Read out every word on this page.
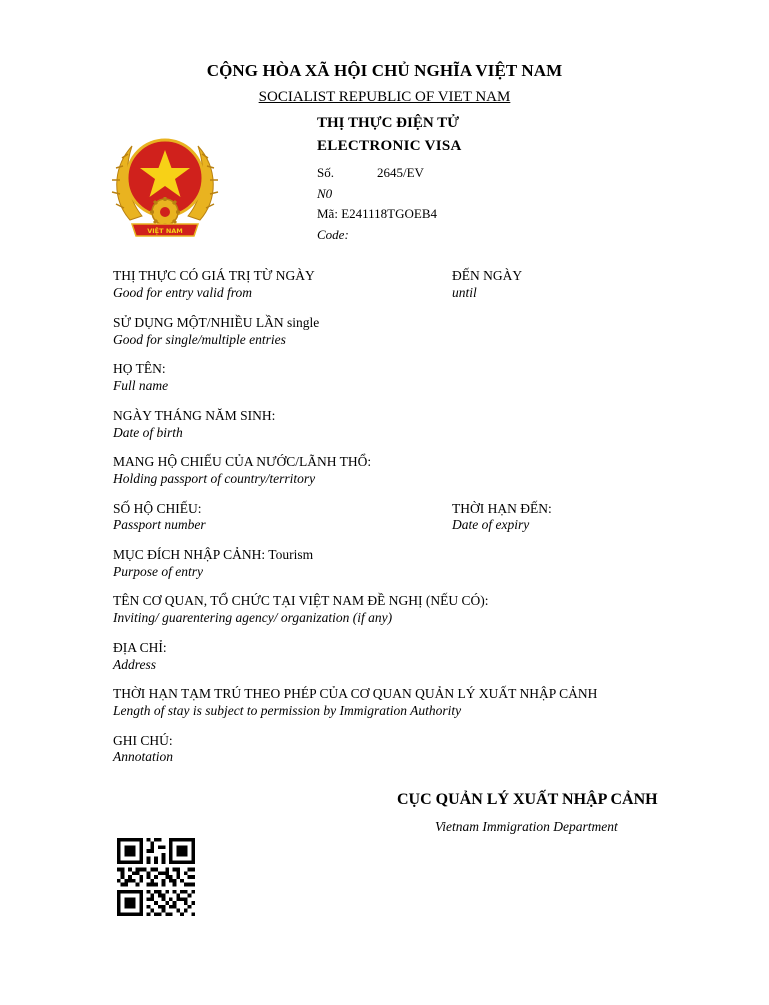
CỘNG HÒA XÃ HỘI CHỦ NGHĨA VIỆT NAM
SOCIALIST REPUBLIC OF VIET NAM
VIỆT NAM
THỊ THỰC ĐIỆN TỬ
ELECTRONIC VISA
Số.	2645/EV
N0
Mã: E241118TGOEB4
Code:
THỊ THỰC CÓ GIÁ TRỊ TỪ NGÀY
Good for entry valid from
ĐẾN NGÀY
until
SỬ DỤNG MỘT/NHIỀU LẦN single
Good for single/multiple entries
HỌ TÊN:
Full name
NGÀY THÁNG NĂM SINH:
Date of birth
MANG HỘ CHIẾU CỦA NƯỚC/LÃNH THỔ:
Holding passport of country/territory
SỐ HỘ CHIẾU:
Passport number
THỜI HẠN ĐẾN:
Date of expiry
MỤC ĐÍCH NHẬP CẢNH: Tourism
Purpose of entry
TÊN CƠ QUAN, TỔ CHỨC TẠI VIỆT NAM ĐỀ NGHỊ (NẾU CÓ):
Inviting/ guarentering agency/ organization (if any)
ĐỊA CHỈ:
Address
THỜI HẠN TẠM TRÚ THEO PHÉP CỦA CƠ QUAN QUẢN LÝ XUẤT NHẬP CẢNH
Length of stay is subject to permission by Immigration Authority
GHI CHÚ:
Annotation
CỤC QUẢN LÝ XUẤT NHẬP CẢNH
Vietnam Immigration Department
